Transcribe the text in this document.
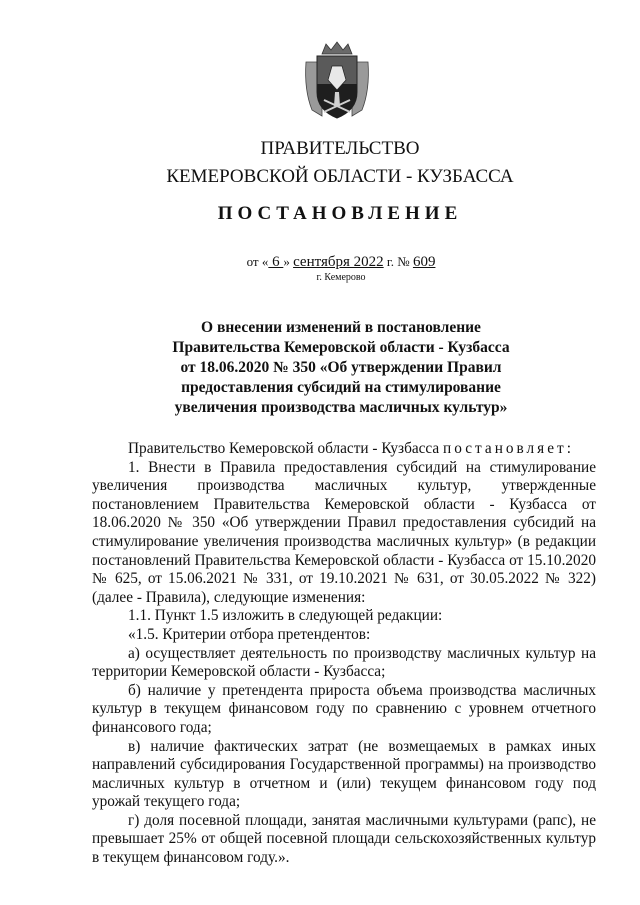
ПРАВИТЕЛЬСТВО
КЕМЕРОВСКОЙ ОБЛАСТИ - КУЗБАССА
ПОСТАНОВЛЕНИЕ
от « 6 » сентября 2022 г. № 609
г. Кемерово
О внесении изменений в постановление
Правительства Кемеровской области - Кузбасса
от 18.06.2020 № 350 «Об утверждении Правил
предоставления субсидий на стимулирование
увеличения производства масличных культур»

Правительство Кемеровской области - Кузбасса постановляет:

1. Внести в Правила предоставления субсидий на стимулирование увеличения производства масличных культур, утвержденные постановлением Правительства Кемеровской области - Кузбасса от 18.06.2020 № 350 «Об утверждении Правил предоставления субсидий на стимулирование увеличения производства масличных культур» (в редакции постановлений Правительства Кемеровской области - Кузбасса от 15.10.2020 № 625, от 15.06.2021 № 331, от 19.10.2021 № 631, от 30.05.2022 № 322) (далее - Правила), следующие изменения:

1.1. Пункт 1.5 изложить в следующей редакции:

«1.5. Критерии отбора претендентов:

а) осуществляет деятельность по производству масличных культур на территории Кемеровской области - Кузбасса;

б) наличие у претендента прироста объема производства масличных культур в текущем финансовом году по сравнению с уровнем отчетного финансового года;

в) наличие фактических затрат (не возмещаемых в рамках иных направлений субсидирования Государственной программы) на производство масличных культур в отчетном и (или) текущем финансовом году под урожай текущего года;

г) доля посевной площади, занятая масличными культурами (рапс), не превышает 25% от общей посевной площади сельскохозяйственных культур в текущем финансовом году.».
